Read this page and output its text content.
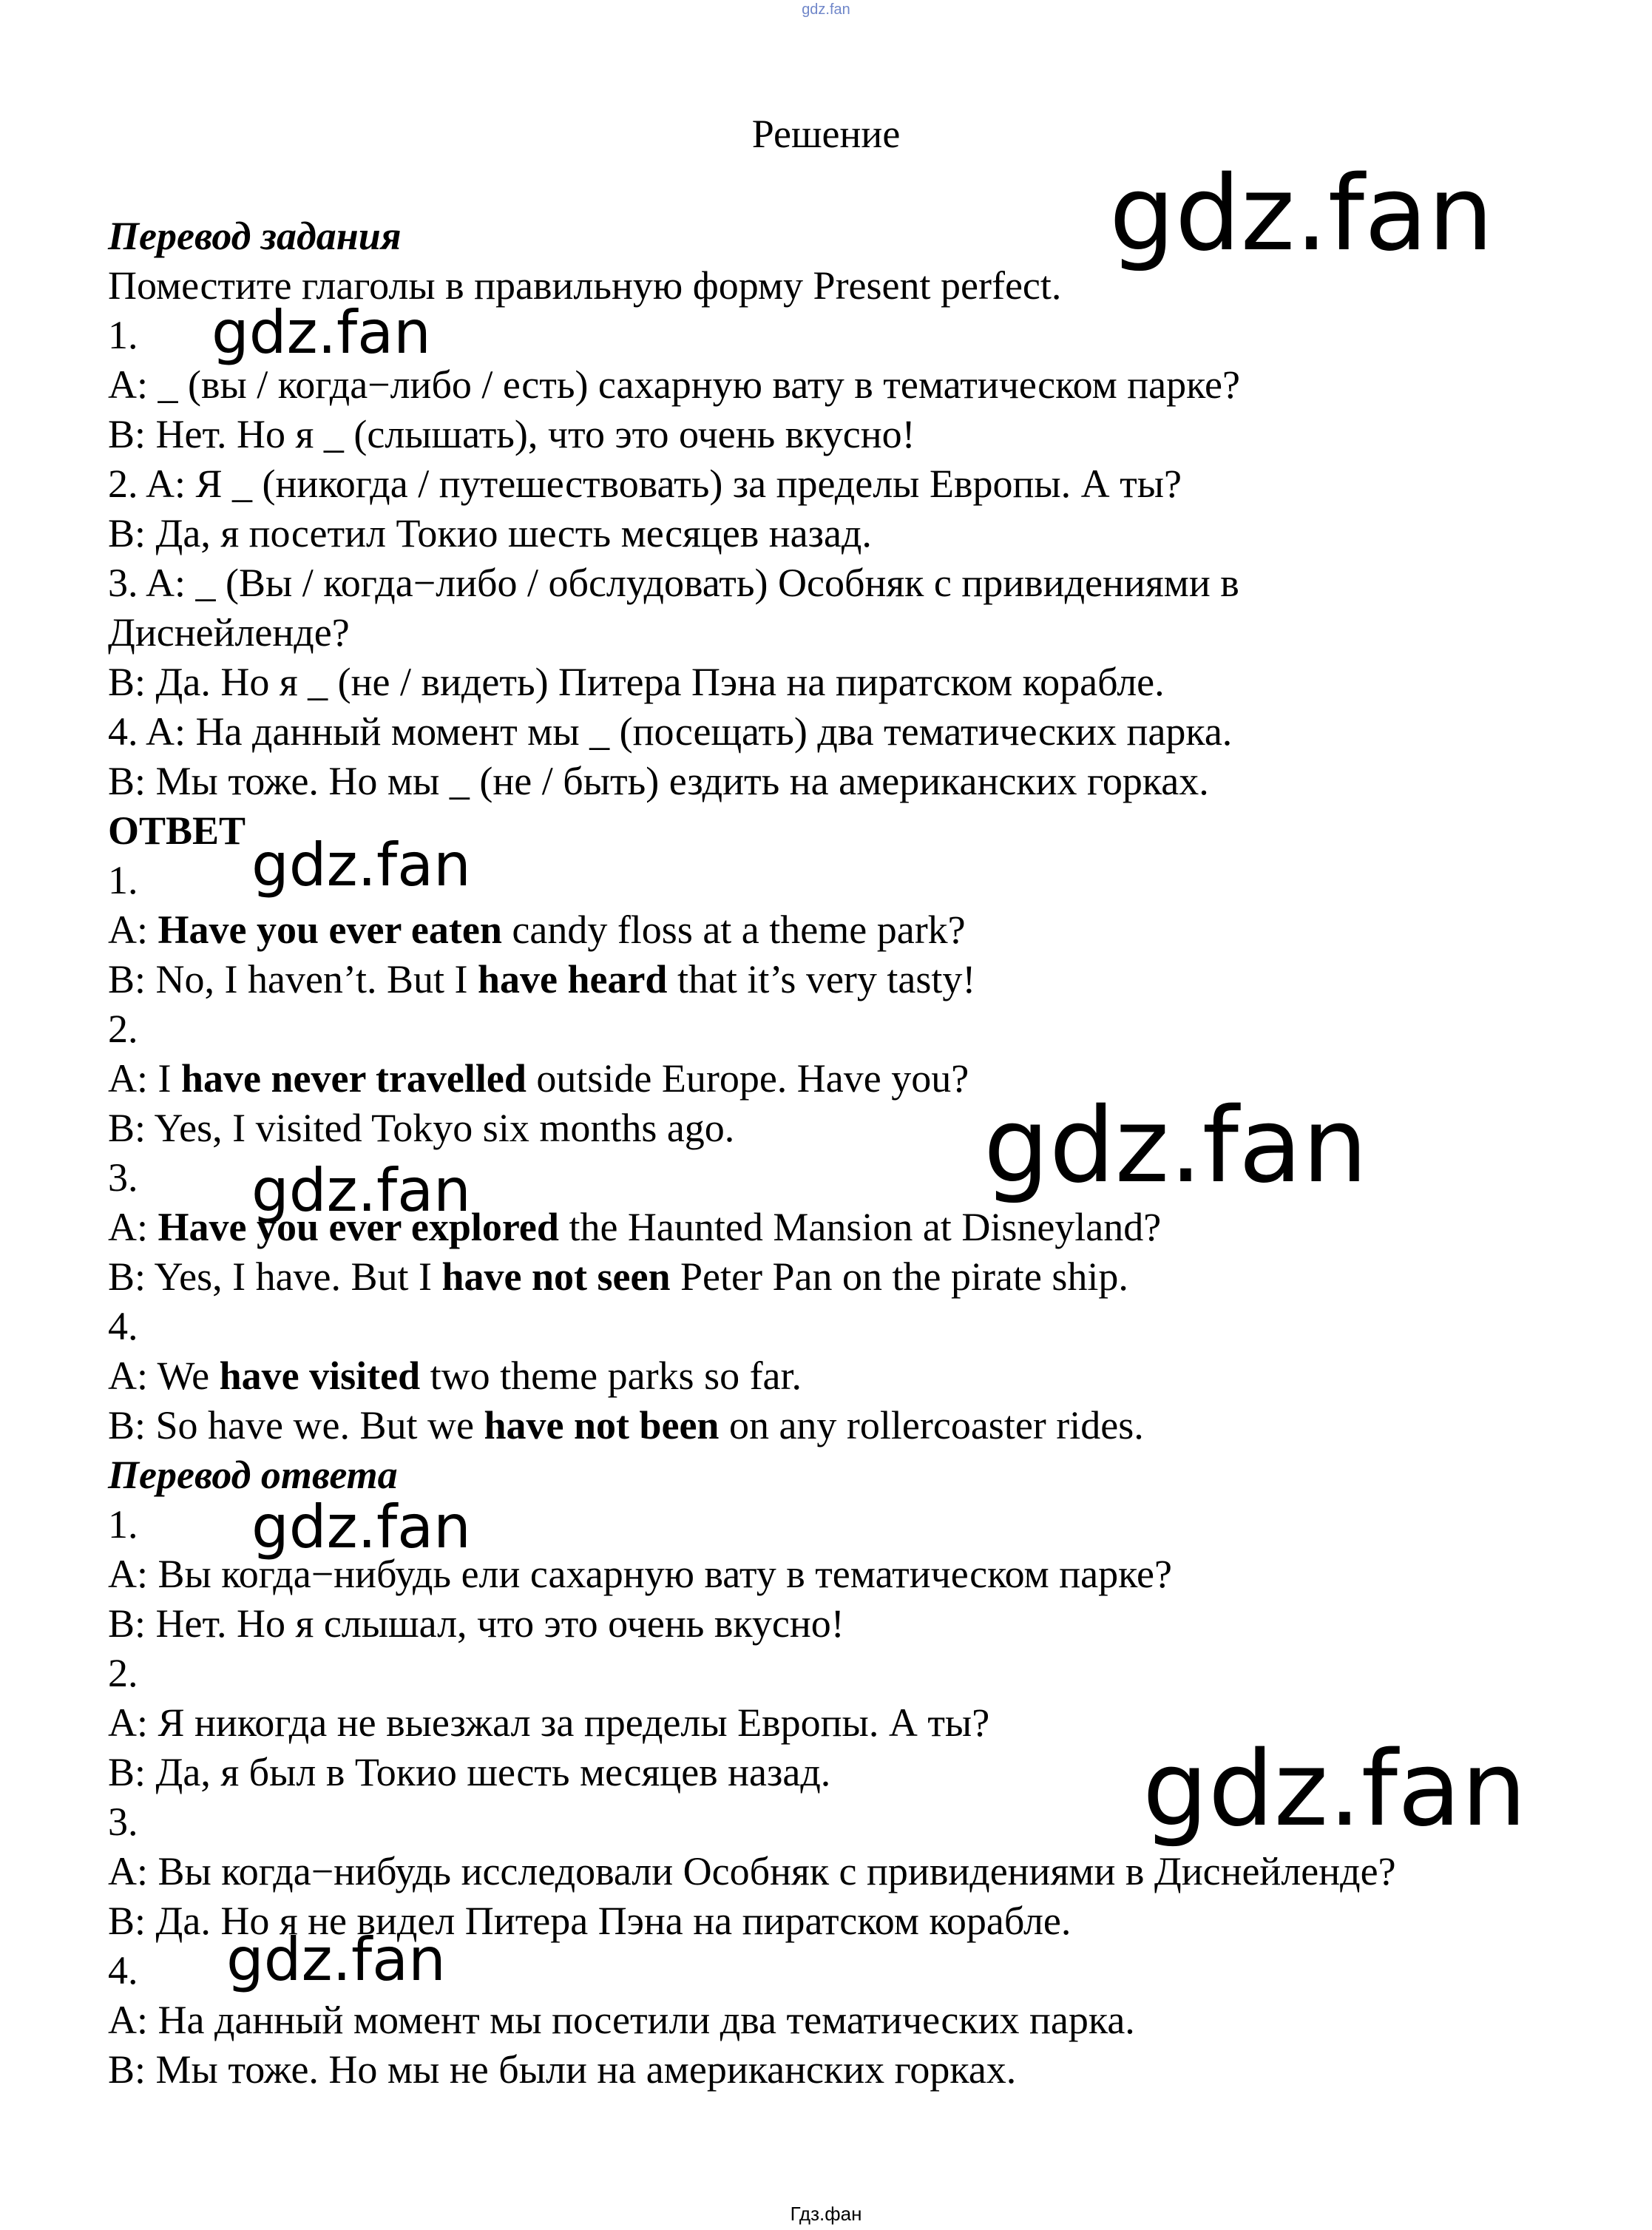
gdz.fan
Решение
Перевод задания
Поместите глаголы в правильную форму Present perfect.
1.
A: _ (вы / когда−либо / есть) сахарную вату в тематическом парке?
B: Нет. Но я _ (слышать), что это очень вкусно!
2. A: Я _ (никогда / путешествовать) за пределы Европы. А ты?
B: Да, я посетил Токио шесть месяцев назад.
3. A: _ (Вы / когда−либо / обслудовать) Особняк с привидениями в
Диснейленде?
B: Да. Но я _ (не / видеть) Питера Пэна на пиратском корабле.
4. A: На данный момент мы _ (посещать) два тематических парка.
B: Мы тоже. Но мы _ (не / быть) ездить на американских горках.
ОТВЕТ
1.
A: Have you ever eaten candy floss at a theme park?
B: No, I haven’t. But I have heard that it’s very tasty!
2.
A: I have never travelled outside Europe. Have you?
B: Yes, I visited Tokyo six months ago.
3.
A: Have you ever explored the Haunted Mansion at Disneyland?
B: Yes, I have. But I have not seen Peter Pan on the pirate ship.
4.
A: We have visited two theme parks so far.
B: So have we. But we have not been on any rollercoaster rides.
Перевод ответа
1.
A: Вы когда−нибудь ели сахарную вату в тематическом парке?
B: Нет. Но я слышал, что это очень вкусно!
2.
A: Я никогда не выезжал за пределы Европы. А ты?
B: Да, я был в Токио шесть месяцев назад.
3.
A: Вы когда−нибудь исследовали Особняк с привидениями в Диснейленде?
B: Да. Но я не видел Питера Пэна на пиратском корабле.
4.
A: На данный момент мы посетили два тематических парка.
B: Мы тоже. Но мы не были на американских горках.
gdz.fan
gdz.fan
gdz.fan
gdz.fan
gdz.fan
gdz.fan
gdz.fan
gdz.fan
Гдз.фан
